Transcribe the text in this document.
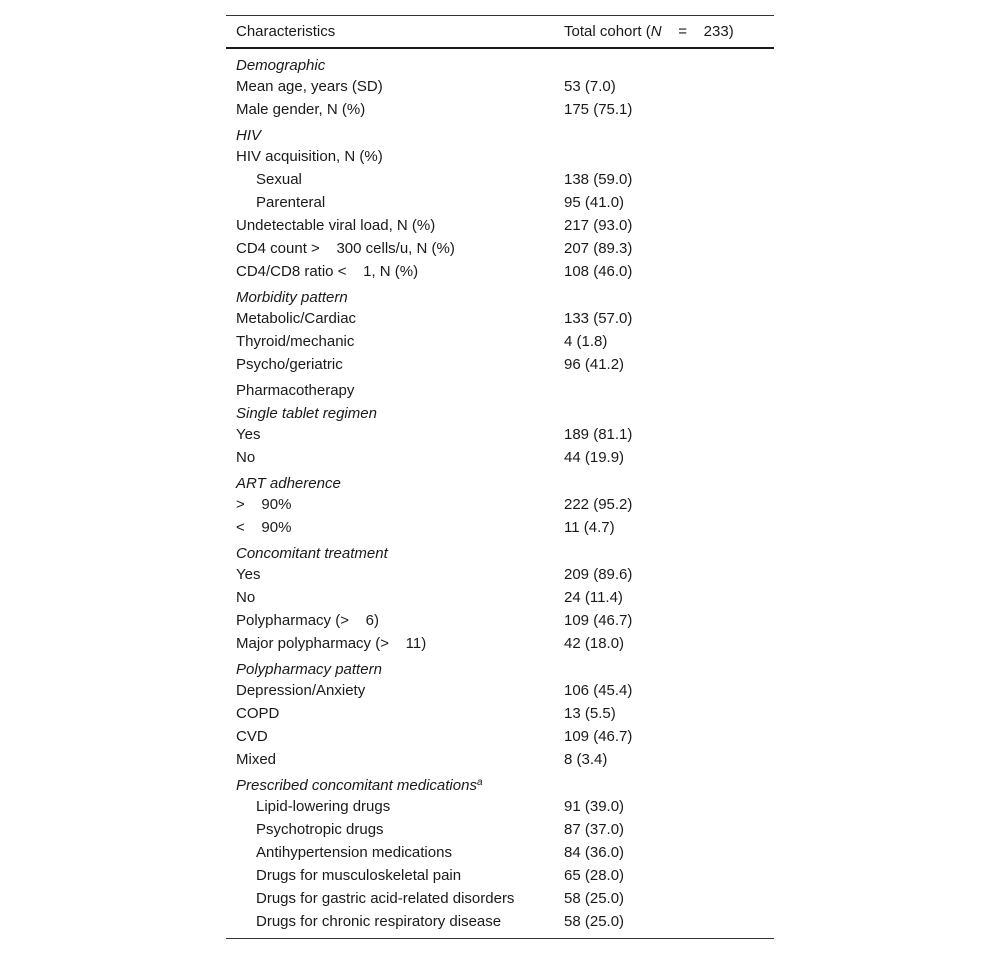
Characteristics	Total cohort (N    =    233)
Demographic
Mean age, years (SD)	53 (7.0)
Male gender, N (%)	175 (75.1)
HIV
HIV acquisition, N (%)
Sexual	138 (59.0)
Parenteral	95 (41.0)
Undetectable viral load, N (%)	217 (93.0)
CD4 count >    300 cells/u, N (%)	207 (89.3)
CD4/CD8 ratio <    1, N (%)	108 (46.0)
Morbidity pattern
Metabolic/Cardiac	133 (57.0)
Thyroid/mechanic	4 (1.8)
Psycho/geriatric	96 (41.2)
Pharmacotherapy
Single tablet regimen
Yes	189 (81.1)
No	44 (19.9)
ART adherence
>    90%	222 (95.2)
<    90%	11 (4.7)
Concomitant treatment
Yes	209 (89.6)
No	24 (11.4)
Polypharmacy (>    6)	109 (46.7)
Major polypharmacy (>    11)	42 (18.0)
Polypharmacy pattern
Depression/Anxiety	106 (45.4)
COPD	13 (5.5)
CVD	109 (46.7)
Mixed	8 (3.4)
Prescribed concomitant medications$^a$
Lipid-lowering drugs	91 (39.0)
Psychotropic drugs	87 (37.0)
Antihypertension medications	84 (36.0)
Drugs for musculoskeletal pain	65 (28.0)
Drugs for gastric acid-related disorders	58 (25.0)
Drugs for chronic respiratory disease	58 (25.0)
